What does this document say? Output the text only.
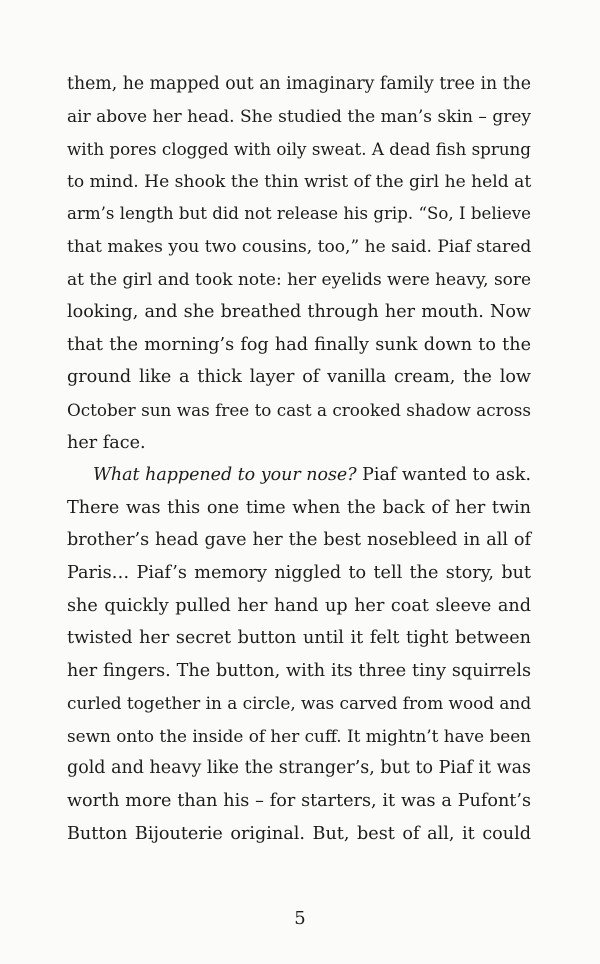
them, he mapped out an imaginary family tree in the
air above her head. She studied the man’s skin – grey
with pores clogged with oily sweat. A dead fish sprung
to mind. He shook the thin wrist of the girl he held at
arm’s length but did not release his grip. “So, I believe
that makes you two cousins, too,” he said. Piaf stared
at the girl and took note: her eyelids were heavy, sore
looking, and she breathed through her mouth. Now
that the morning’s fog had finally sunk down to the
ground like a thick layer of vanilla cream, the low
October sun was free to cast a crooked shadow across
her face.
What happened to your nose? Piaf wanted to ask.
There was this one time when the back of her twin
brother’s head gave her the best nosebleed in all of
Paris… Piaf’s memory niggled to tell the story, but
she quickly pulled her hand up her coat sleeve and
twisted her secret button until it felt tight between
her fingers. The button, with its three tiny squirrels
curled together in a circle, was carved from wood and
sewn onto the inside of her cuff. It mightn’t have been
gold and heavy like the stranger’s, but to Piaf it was
worth more than his – for starters, it was a Pufont’s
Button Bijouterie original. But, best of all, it could
5
